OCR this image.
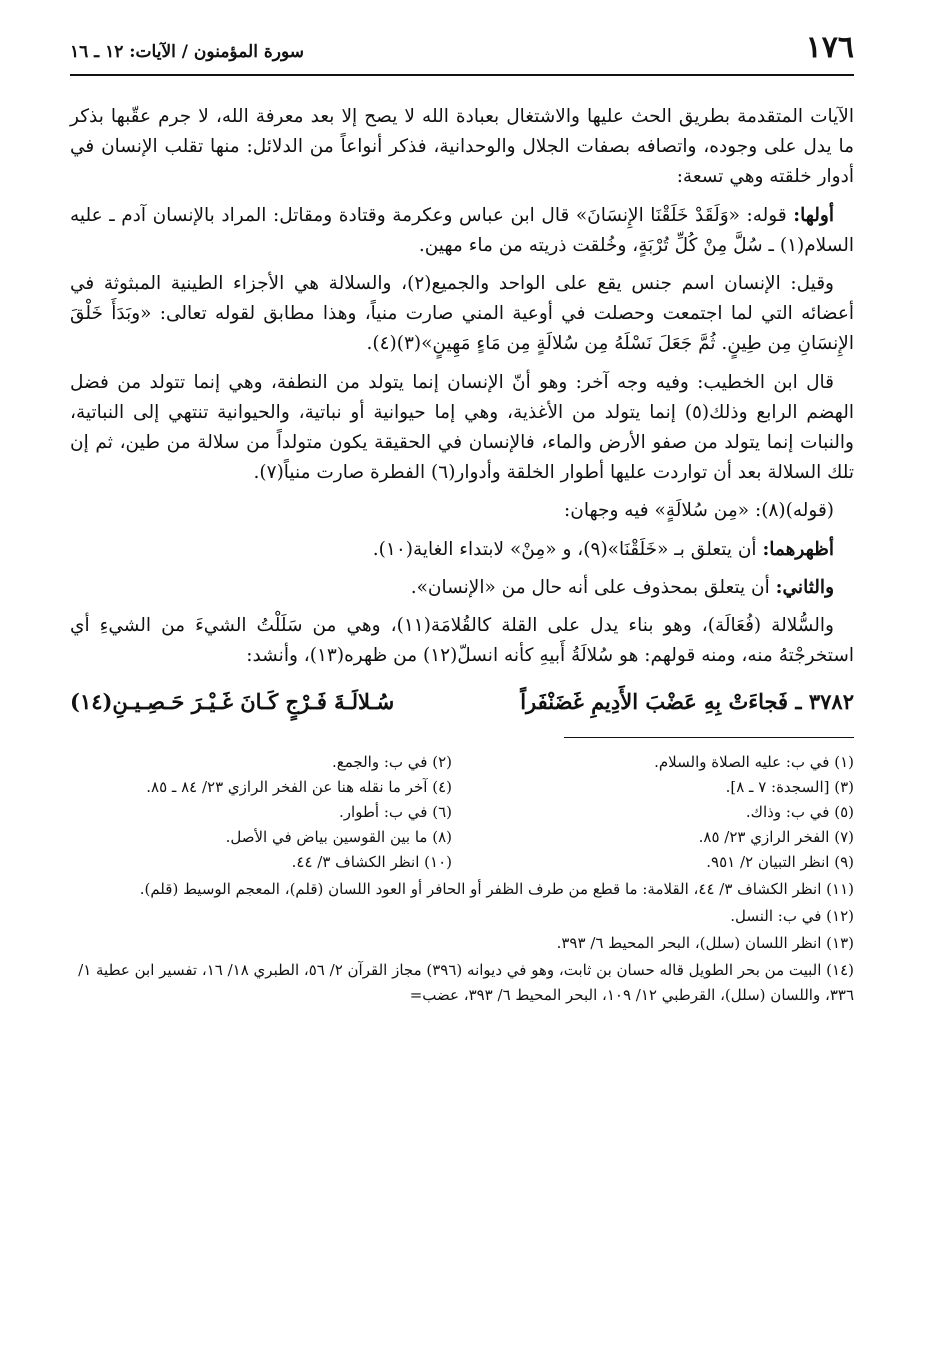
١٧٦
سورة المؤمنون / الآيات: ١٢ ـ ١٦

الآيات المتقدمة بطريق الحث عليها والاشتغال بعبادة الله لا يصح إلا بعد معرفة الله، لا جرم عقّبها بذكر ما يدل على وجوده، واتصافه بصفات الجلال والوحدانية، فذكر أنواعاً من الدلائل: منها تقلب الإنسان في أدوار خلقته وهي تسعة:

أولها: قوله: «وَلَقَدْ خَلَقْنَا الإِنسَانَ» قال ابن عباس وعكرمة وقتادة ومقاتل: المراد بالإنسان آدم ـ عليه السلام(١) ـ سُلَّ مِنْ كُلِّ تُرْبَةٍ، وخُلقت ذريته من ماء مهين.

وقيل: الإنسان اسم جنس يقع على الواحد والجميع(٢)، والسلالة هي الأجزاء الطينية المبثوثة في أعضائه التي لما اجتمعت وحصلت في أوعية المني صارت منياً، وهذا مطابق لقوله تعالى: «وبَدَأَ خَلْقَ الإِنسَانِ مِن طِينٍ. ثُمَّ جَعَلَ نَسْلَهُ مِن سُلالَةٍ مِن مَاءٍ مَهِينٍ»(٣)(٤).

قال ابن الخطيب: وفيه وجه آخر: وهو أنّ الإنسان إنما يتولد من النطفة، وهي إنما تتولد من فضل الهضم الرابع وذلك(٥) إنما يتولد من الأغذية، وهي إما حيوانية أو نباتية، والحيوانية تنتهي إلى النباتية، والنبات إنما يتولد من صفو الأرض والماء، فالإنسان في الحقيقة يكون متولداً من سلالة من طين، ثم إن تلك السلالة بعد أن تواردت عليها أطوار الخلقة وأدوار(٦) الفطرة صارت منياً(٧).

(قوله)(٨): «مِن سُلالَةٍ» فيه وجهان:

أظهرهما: أن يتعلق بـ «خَلَقْنَا»(٩)، و «مِنْ» لابتداء الغاية(١٠).

والثاني: أن يتعلق بمحذوف على أنه حال من «الإنسان».

والسُّلالة (فُعَالَة)، وهو بناء يدل على القلة كالقُلامَة(١١)، وهي من سَلَلْتُ الشيءَ من الشيءِ أي استخرجْتهُ منه، ومنه قولهم: هو سُلالَةُ أَبيهِ كأنه انسلّ(١٢) من ظهره(١٣)، وأنشد:

٣٧٨٢ ـ فَجاءَتْ بِهِ عَضْبَ الأَدِيمِ غَضَنْفَراً
سُـلالَـةَ فَـرْجٍ كَـانَ غَـيْـرَ حَـصِـيـنِ(١٤)
(١) في ب: عليه الصلاة والسلام.
(٢) في ب: والجمع.
(٣) [السجدة: ٧ ـ ٨].
(٤) آخر ما نقله هنا عن الفخر الرازي ٢٣/ ٨٤ ـ ٨٥.
(٥) في ب: وذاك.
(٦) في ب: أطوار.
(٧) الفخر الرازي ٢٣/ ٨٥.
(٨) ما بين القوسين بياض في الأصل.
(٩) انظر التبيان ٢/ ٩٥١.
(١٠) انظر الكشاف ٣/ ٤٤.
(١١) انظر الكشاف ٣/ ٤٤، القلامة: ما قطع من طرف الظفر أو الحافر أو العود اللسان (قلم)، المعجم الوسيط (قلم).
(١٢) في ب: النسل.
(١٣) انظر اللسان (سلل)، البحر المحيط ٦/ ٣٩٣.
(١٤) البيت من بحر الطويل قاله حسان بن ثابت، وهو في ديوانه (٣٩٦) مجاز القرآن ٢/ ٥٦، الطبري ١٨/ ١٦، تفسير ابن عطية ١/ ٣٣٦، واللسان (سلل)، القرطبي ١٢/ ١٠٩، البحر المحيط ٦/ ٣٩٣، عضب=
